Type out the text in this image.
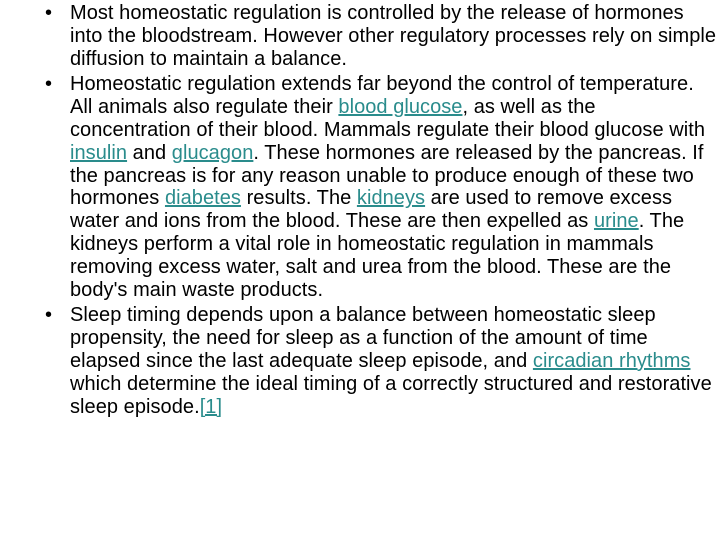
• Most homeostatic regulation is controlled by the release of hormones into the bloodstream. However other regulatory processes rely on simple diffusion to maintain a balance.
• Homeostatic regulation extends far beyond the control of temperature. All animals also regulate their blood glucose, as well as the concentration of their blood. Mammals regulate their blood glucose with insulin and glucagon. These hormones are released by the pancreas. If the pancreas is for any reason unable to produce enough of these two hormones diabetes results. The kidneys are used to remove excess water and ions from the blood. These are then expelled as urine. The kidneys perform a vital role in homeostatic regulation in mammals removing excess water, salt and urea from the blood. These are the body's main waste products.
• Sleep timing depends upon a balance between homeostatic sleep propensity, the need for sleep as a function of the amount of time elapsed since the last adequate sleep episode, and circadian rhythms which determine the ideal timing of a correctly structured and restorative sleep episode.[1]
